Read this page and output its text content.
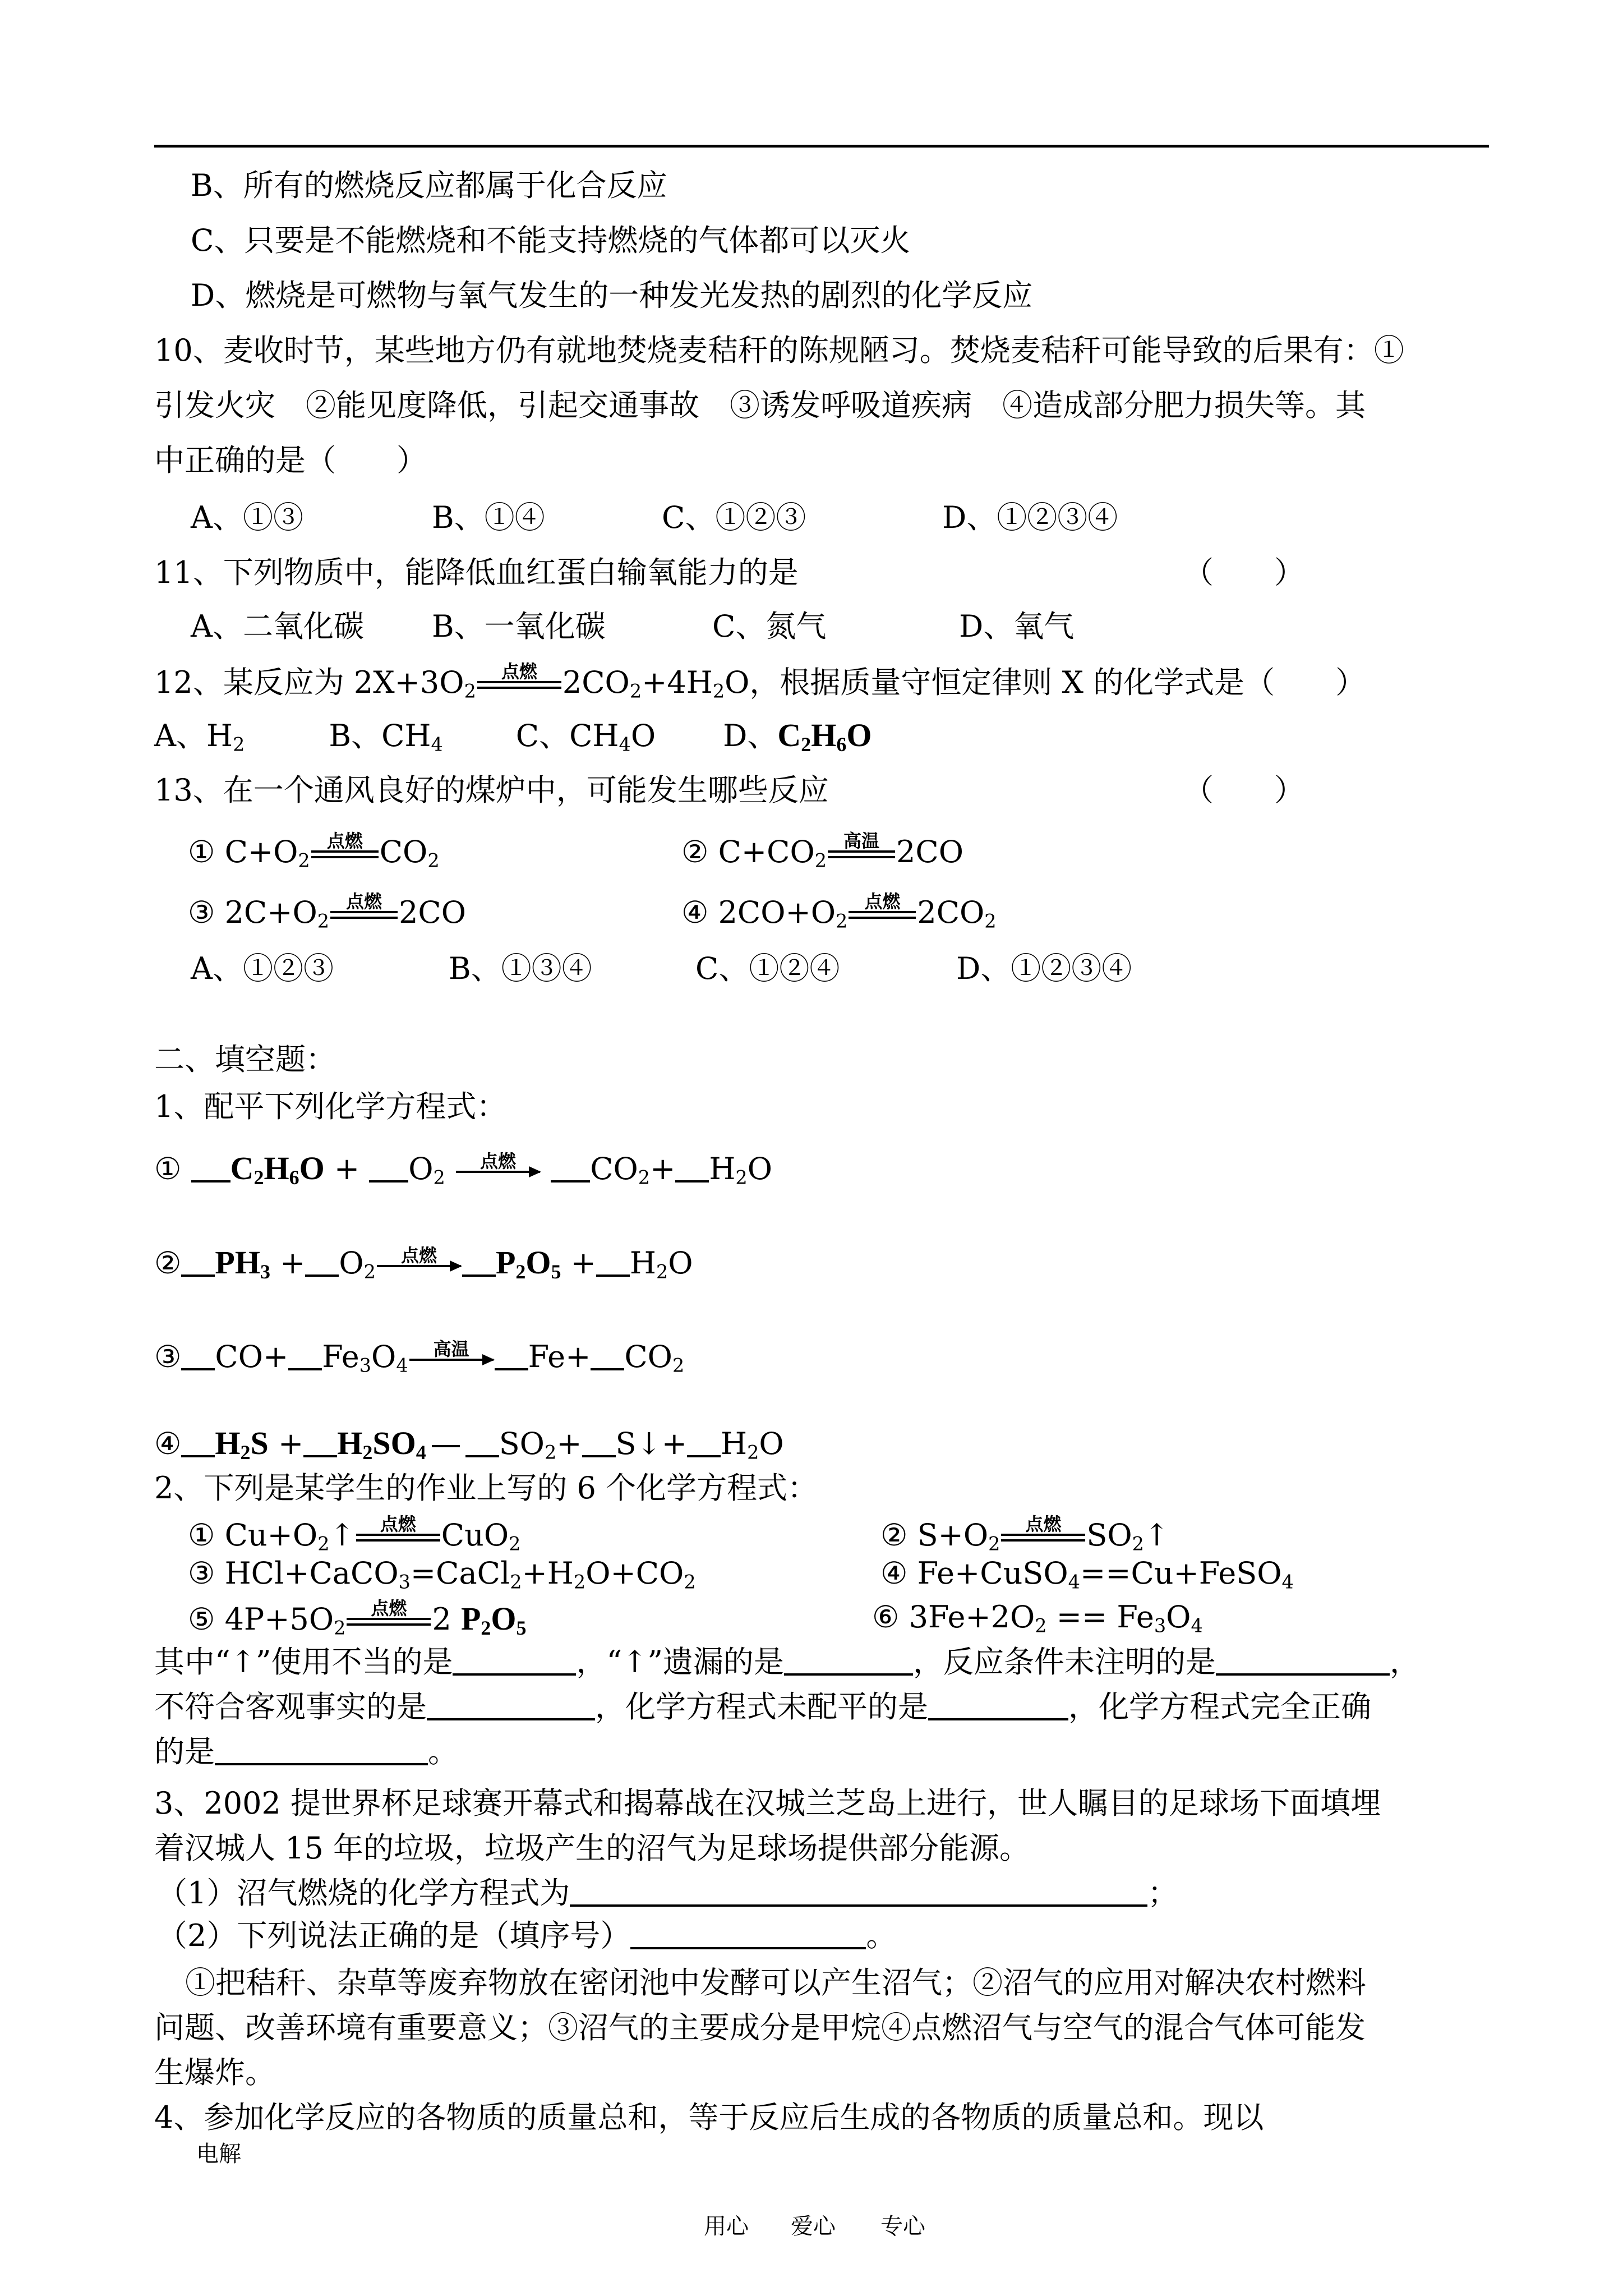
B、所有的燃烧反应都属于化合反应
C、只要是不能燃烧和不能支持燃烧的气体都可以灭火
D、燃烧是可燃物与氧气发生的一种发光发热的剧烈的化学反应
10、麦收时节，某些地方仍有就地焚烧麦秸秆的陈规陋习。焚烧麦秸秆可能导致的后果有：①
引发火灾　②能见度降低，引起交通事故　③诱发呼吸道疾病　④造成部分肥力损失等。其
中正确的是（　　）
A、①③	B、①④	C、①②③	D、①②③④
11、下列物质中，能降低血红蛋白输氧能力的是	（　　）
A、二氧化碳 B、一氧化碳	C、氮气	D、氧气
12、某反应为 $2X+3O_2$
点燃 $2CO_2+4H_2O$，根据质量守恒定律则 X 的化学式是（　　）
A、$H_2$	B、$CH_4$ C、$CH_4O$ D、$C_2H_6O$
13、在一个通风良好的煤炉中，可能发生哪些反应	（　　）
① $C+O_2$
点燃 $CO_2$	② $C+CO_2$
高温 2CO
③ $2C+O_2$
点燃 2CO	④ $2CO+O_2$
点燃 $2CO_2$
A、①②③	B、①③④	C、①②④	D、①②③④
二、填空题：
1、配平下列化学方程式：
① $C_2H_6O + O_2$
点燃	$CO_2+ H_2O$
② $PH_3 + O_2$
点燃	$P_2O_5 + H_2O$
③ $CO+ Fe_3O_4$
高温	$Fe+ CO_2$
④ $H_2S + H_2SO_4$ $SO_2+$ S↓+ $H_2O$
2、下列是某学生的作业上写的 6 个化学方程式：
① $Cu+O_2↑$	点燃 CuO$_2$	② $S+O_2$
点燃 $SO_2↑$
③ $HCl+CaCO_3=CaCl_2+H_2O+CO_2$	④ Fe+CuSO$_4$==Cu+FeSO$_4$
⑤ $4P+5O_2$
点燃 2 $P_2O_5$	⑥ $3Fe+2O_2 == Fe_3O_4$
其中“↑”使用不当的是	，“↑”遗漏的是	，反应条件未注明的是	，
不符合客观事实的是	，化学方程式未配平的是	，化学方程式完全正确
的是	。
3、2002 提世界杯足球赛开幕式和揭幕战在汉城兰芝岛上进行，世人瞩目的足球场下面填埋
着汉城人 15 年的垃圾，垃圾产生的沼气为足球场提供部分能源。
（1）沼气燃烧的化学方程式为	；
（2）下列说法正确的是（填序号）	。
①把秸秆、杂草等废弃物放在密闭池中发酵可以产生沼气；②沼气的应用对解决农村燃料
问题、改善环境有重要意义；③沼气的主要成分是甲烷④点燃沼气与空气的混合气体可能发
生爆炸。
4、参加化学反应的各物质的质量总和，等于反应后生成的各物质的质量总和。现以
电解
用心 爱心 专心
